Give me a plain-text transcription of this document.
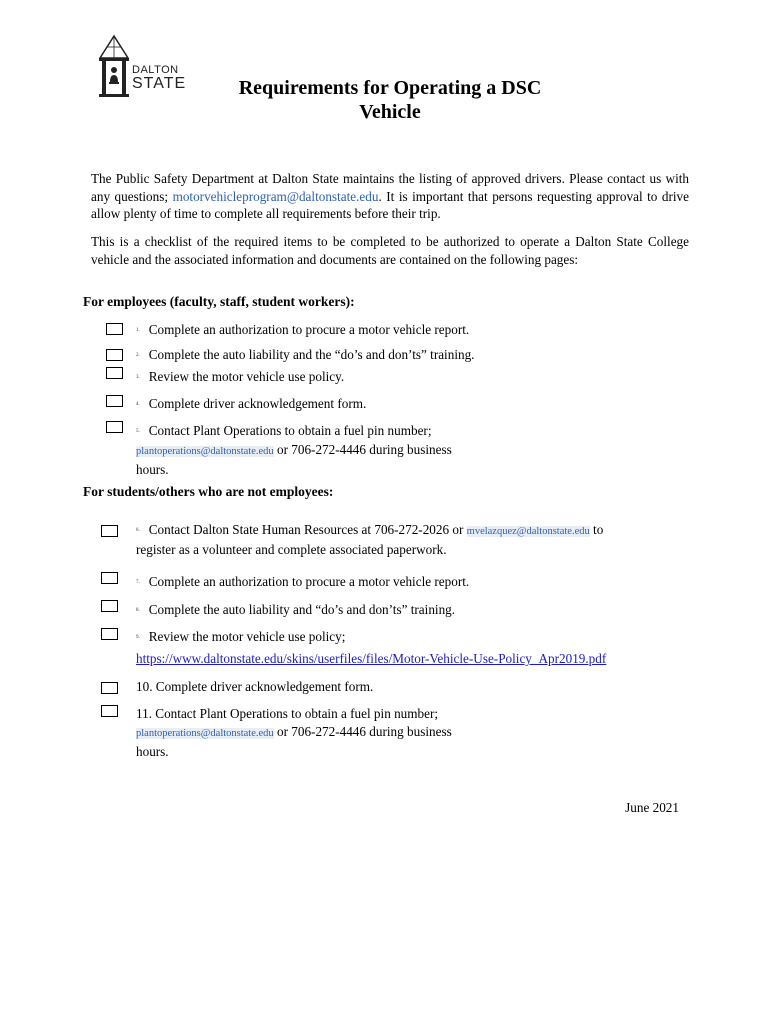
DALTON
STATE	Requirements for Operating a DSC
Vehicle
The Public Safety Department at Dalton State maintains the listing of approved drivers. Please contact us with any questions; motorvehicleprogram@daltonstate.edu. It is important that persons requesting approval to drive allow plenty of time to complete all requirements before their trip.
This is a checklist of the required items to be completed to be authorized to operate a Dalton State College vehicle and the associated information and documents are contained on the following pages:
For employees (faculty, staff, student workers):
1. Complete an authorization to procure a motor vehicle report.
2. Complete the auto liability and the “do’s and don’ts” training.
3. Review the motor vehicle use policy.
4. Complete driver acknowledgement form.
5. Contact Plant Operations to obtain a fuel pin number;
plantoperations@daltonstate.edu or 706-272-4446 during business
hours.
For students/others who are not employees:
6. Contact Dalton State Human Resources at 706-272-2026 or mvelazquez@daltonstate.edu to
register as a volunteer and complete associated paperwork.
7. Complete an authorization to procure a motor vehicle report.
8. Complete the auto liability and “do’s and don’ts” training.
9. Review the motor vehicle use policy;
https://www.daltonstate.edu/skins/userfiles/files/Motor-Vehicle-Use-Policy_Apr2019.pdf
10. Complete driver acknowledgement form.
11. Contact Plant Operations to obtain a fuel pin number;
plantoperations@daltonstate.edu or 706-272-4446 during business
hours.
June 2021
